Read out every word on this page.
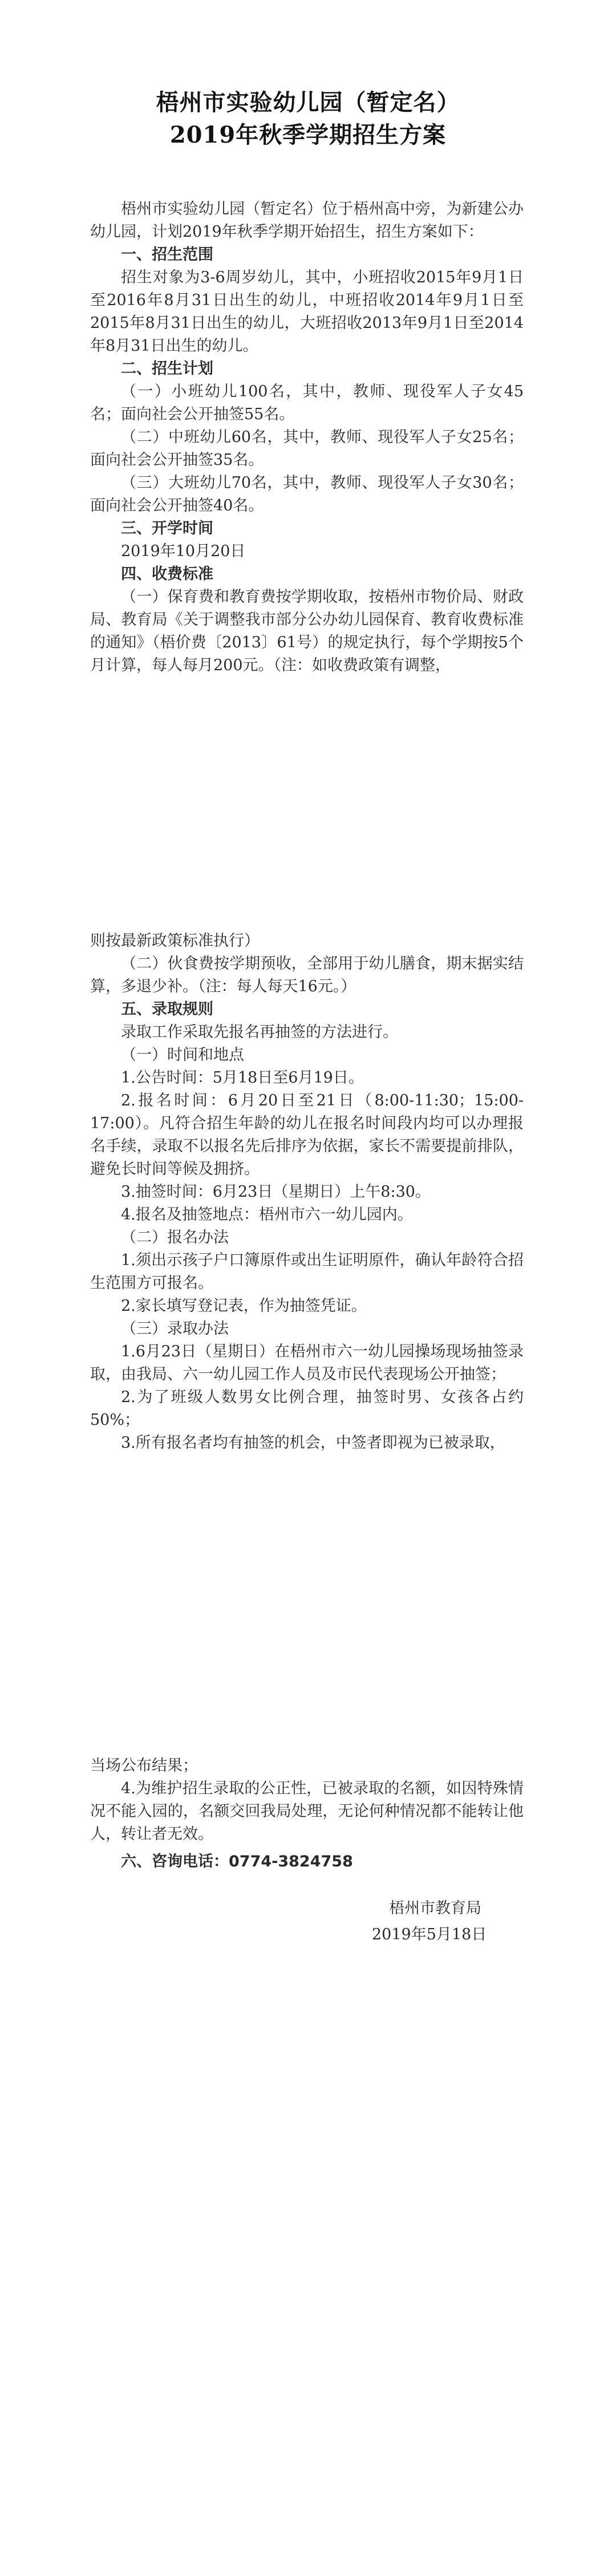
梧州市实验幼儿园（暂定名）
2019年秋季学期招生方案

梧州市实验幼儿园（暂定名）位于梧州高中旁，为新建公办幼儿园，计划2019年秋季学期开始招生，招生方案如下：

一、招生范围

招生对象为3-6周岁幼儿，其中，小班招收2015年9月1日至2016年8月31日出生的幼儿，中班招收2014年9月1日至2015年8月31日出生的幼儿，大班招收2013年9月1日至2014年8月31日出生的幼儿。

二、招生计划

（一）小班幼儿100名，其中，教师、现役军人子女45名；面向社会公开抽签55名。

（二）中班幼儿60名，其中，教师、现役军人子女25名；面向社会公开抽签35名。

（三）大班幼儿70名，其中，教师、现役军人子女30名；面向社会公开抽签40名。

三、开学时间

2019年10月20日

四、收费标准

（一）保育费和教育费按学期收取，按梧州市物价局、财政局、教育局《关于调整我市部分公办幼儿园保育、教育收费标准的通知》（梧价费〔2013〕61号）的规定执行，每个学期按5个月计算，每人每月200元。（注：如收费政策有调整，

则按最新政策标准执行）

（二）伙食费按学期预收，全部用于幼儿膳食，期末据实结算，多退少补。（注：每人每天16元。）

五、录取规则

录取工作采取先报名再抽签的方法进行。

（一）时间和地点

1.公告时间：5月18日至6月19日。

2.报名时间：6月20日至21日（8:00-11:30；15:00-17:00）。凡符合招生年龄的幼儿在报名时间段内均可以办理报名手续，录取不以报名先后排序为依据，家长不需要提前排队，避免长时间等候及拥挤。

3.抽签时间：6月23日（星期日）上午8:30。

4.报名及抽签地点：梧州市六一幼儿园内。

（二）报名办法

1.须出示孩子户口簿原件或出生证明原件，确认年龄符合招生范围方可报名。

2.家长填写登记表，作为抽签凭证。

（三）录取办法

1.6月23日（星期日）在梧州市六一幼儿园操场现场抽签录取，由我局、六一幼儿园工作人员及市民代表现场公开抽签；

2.为了班级人数男女比例合理，抽签时男、女孩各占约50%；

3.所有报名者均有抽签的机会，中签者即视为已被录取，

当场公布结果；

4.为维护招生录取的公正性，已被录取的名额，如因特殊情况不能入园的，名额交回我局处理，无论何种情况都不能转让他人，转让者无效。

六、咨询电话：0774-3824758

梧州市教育局
2019年5月18日
